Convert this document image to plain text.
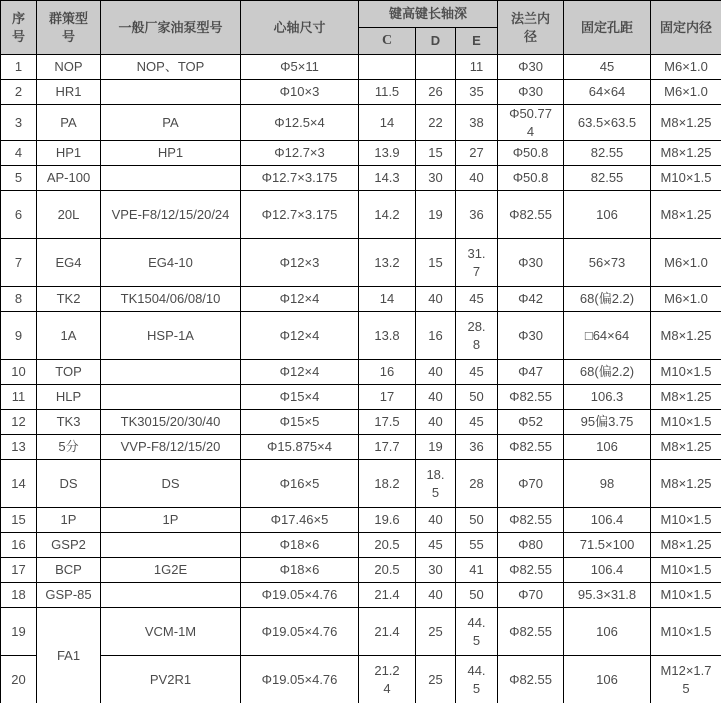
序号	群策型号	一般厂家油泵型号	心轴尺寸	键高键长轴深			法兰内径	固定孔距	固定内径
				C	D	E			
1	NOP	NOP、TOP	Φ5×11			11	Φ30	45	M6×1.0
2	HR1		Φ10×3	11.5	26	35	Φ30	64×64	M6×1.0
3	PA	PA	Φ12.5×4	14	22	38	Φ50.774	63.5×63.5	M8×1.25
4	HP1	HP1	Φ12.7×3	13.9	15	27	Φ50.8	82.55	M8×1.25
5	AP-100		Φ12.7×3.175	14.3	30	40	Φ50.8	82.55	M10×1.5
6	20L	VPE-F8/12/15/20/24	Φ12.7×3.175	14.2	19	36	Φ82.55	106	M8×1.25
7	EG4	EG4-10	Φ12×3	13.2	15	31.7	Φ30	56×73	M6×1.0
8	TK2	TK1504/06/08/10	Φ12×4	14	40	45	Φ42	68(偏2.2)	M6×1.0
9	1A	HSP-1A	Φ12×4	13.8	16	28.8	Φ30	□64×64	M8×1.25
10	TOP		Φ12×4	16	40	45	Φ47	68(偏2.2)	M10×1.5
11	HLP		Φ15×4	17	40	50	Φ82.55	106.3	M8×1.25
12	TK3	TK3015/20/30/40	Φ15×5	17.5	40	45	Φ52	95偏3.75	M10×1.5
13	5分	VVP-F8/12/15/20	Φ15.875×4	17.7	19	36	Φ82.55	106	M8×1.25
14	DS	DS	Φ16×5	18.2	18.5	28	Φ70	98	M8×1.25
15	1P	1P	Φ17.46×5	19.6	40	50	Φ82.55	106.4	M10×1.5
16	GSP2		Φ18×6	20.5	45	55	Φ80	71.5×100	M8×1.25
17	BCP	1G2E	Φ18×6	20.5	30	41	Φ82.55	106.4	M10×1.5
18	GSP-85		Φ19.05×4.76	21.4	40	50	Φ70	95.3×31.8	M10×1.5
19	FA1	VCM-1M	Φ19.05×4.76	21.4	25	44.5	Φ82.55	106	M10×1.5
20		PV2R1	Φ19.05×4.76	21.24	25	44.5	Φ82.55	106	M12×1.75
